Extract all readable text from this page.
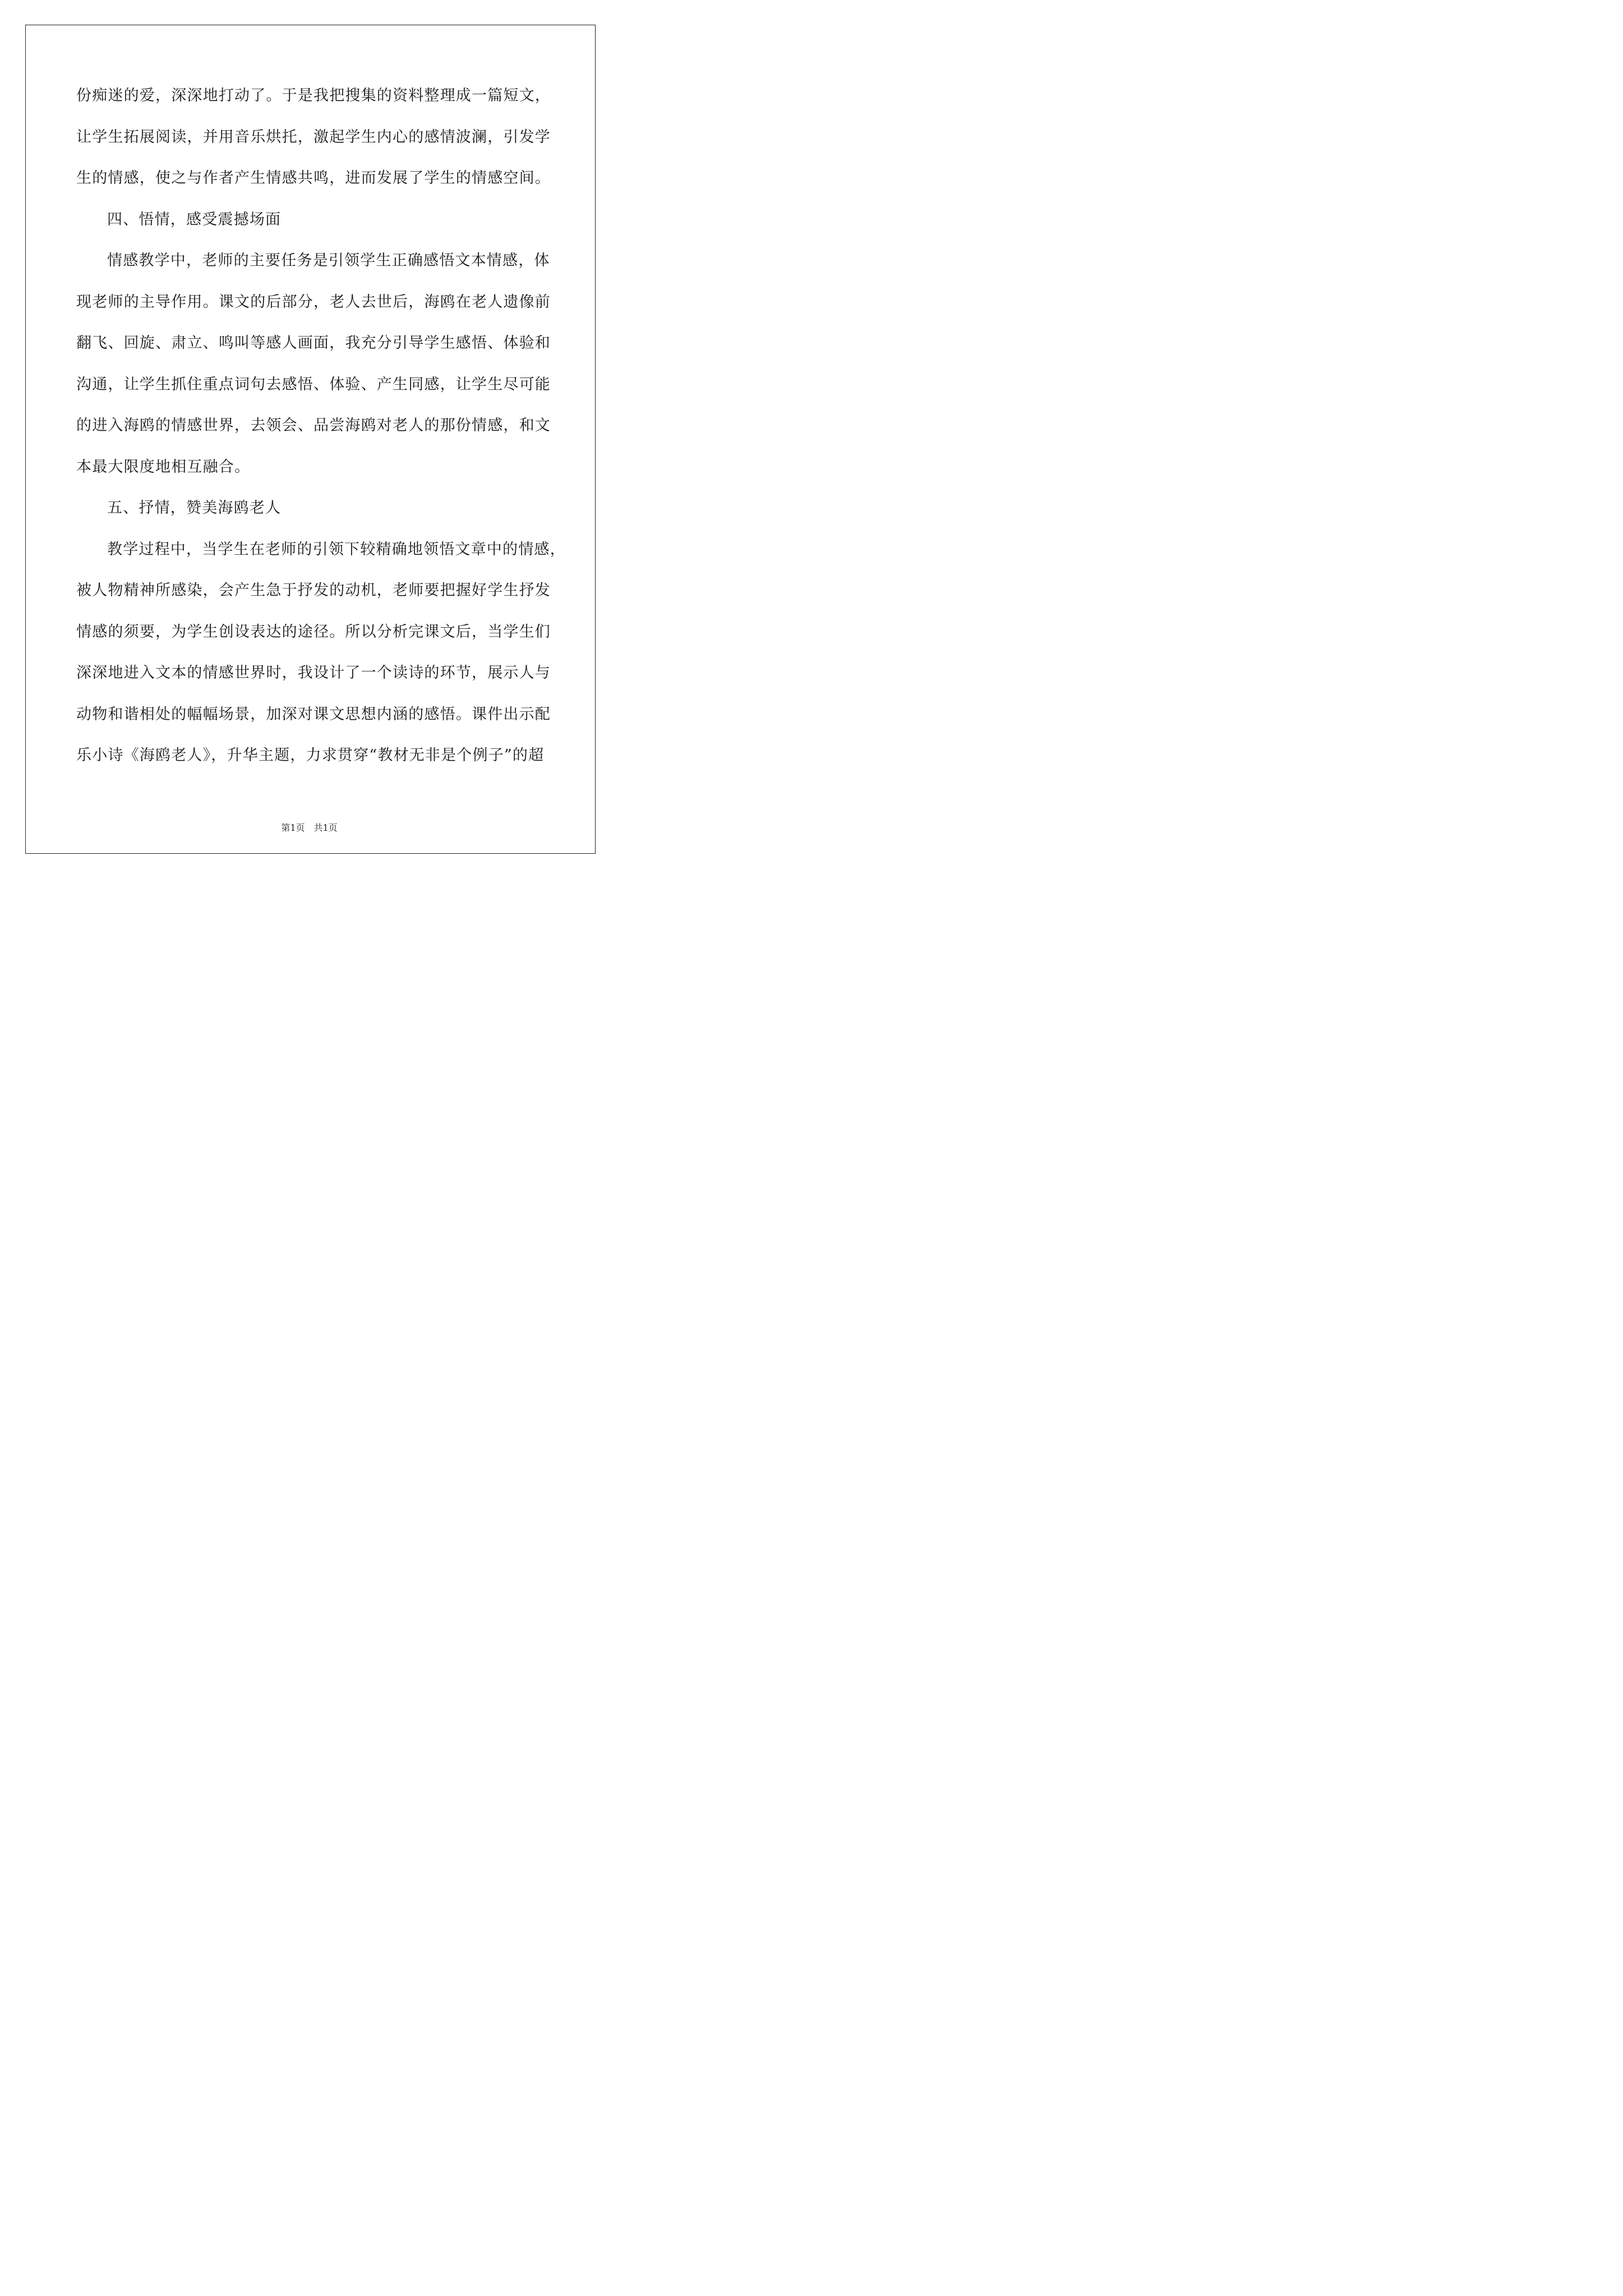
份痴迷的爱，深深地打动了。于是我把搜集的资料整理成一篇短文，
让学生拓展阅读，并用音乐烘托，激起学生内心的感情波澜，引发学
生的情感，使之与作者产生情感共鸣，进而发展了学生的情感空间。
四、悟情，感受震撼场面
情感教学中，老师的主要任务是引领学生正确感悟文本情感，体
现老师的主导作用。课文的后部分，老人去世后，海鸥在老人遗像前
翻飞、回旋、肃立、鸣叫等感人画面，我充分引导学生感悟、体验和
沟通，让学生抓住重点词句去感悟、体验、产生同感，让学生尽可能
的进入海鸥的情感世界，去领会、品尝海鸥对老人的那份情感，和文
本最大限度地相互融合。
五、抒情，赞美海鸥老人
教学过程中，当学生在老师的引领下较精确地领悟文章中的情感，
被人物精神所感染，会产生急于抒发的动机，老师要把握好学生抒发
情感的须要，为学生创设表达的途径。所以分析完课文后，当学生们
深深地进入文本的情感世界时，我设计了一个读诗的环节，展示人与
动物和谐相处的幅幅场景，加深对课文思想内涵的感悟。课件出示配
乐小诗《海鸥老人》，升华主题，力求贯穿“教材无非是个例子”的超
第1页　共1页
